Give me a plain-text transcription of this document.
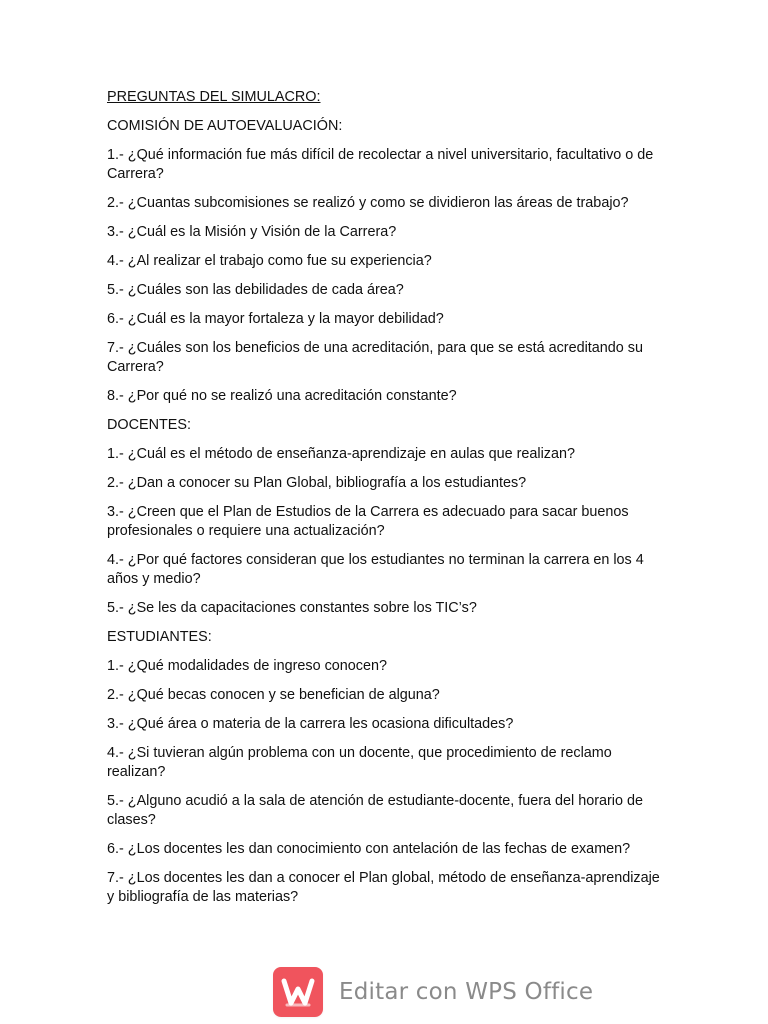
PREGUNTAS DEL SIMULACRO:

COMISIÓN DE AUTOEVALUACIÓN:

1.- ¿Qué información fue más difícil de recolectar a nivel universitario, facultativo o de Carrera?

2.- ¿Cuantas subcomisiones se realizó y como se dividieron las áreas de trabajo?

3.- ¿Cuál es la Misión y Visión de la Carrera?

4.- ¿Al realizar el trabajo como fue su experiencia?

5.- ¿Cuáles son las debilidades de cada área?

6.- ¿Cuál es la mayor fortaleza y la mayor debilidad?

7.- ¿Cuáles son los beneficios de una acreditación, para que se está acreditando su Carrera?

8.- ¿Por qué no se realizó una acreditación constante?

DOCENTES:

1.- ¿Cuál es el método de enseñanza-aprendizaje en aulas que realizan?

2.- ¿Dan a conocer su Plan Global, bibliografía a los estudiantes?

3.- ¿Creen que el Plan de Estudios de la Carrera es adecuado para sacar buenos profesionales o requiere una actualización?

4.- ¿Por qué factores consideran que los estudiantes no terminan la carrera en los 4 años y medio?

5.- ¿Se les da capacitaciones constantes sobre los TIC’s?

ESTUDIANTES:

1.- ¿Qué modalidades de ingreso conocen?

2.- ¿Qué becas conocen y se benefician de alguna?

3.- ¿Qué área o materia de la carrera les ocasiona dificultades?

4.- ¿Si tuvieran algún problema con un docente, que procedimiento de reclamo realizan?

5.- ¿Alguno acudió a la sala de atención de estudiante-docente, fuera del horario de clases?

6.- ¿Los docentes les dan conocimiento con antelación de las fechas de examen?

7.- ¿Los docentes les dan a conocer el Plan global, método de enseñanza-aprendizaje y bibliografía de las materias?

Editar con WPS Office
